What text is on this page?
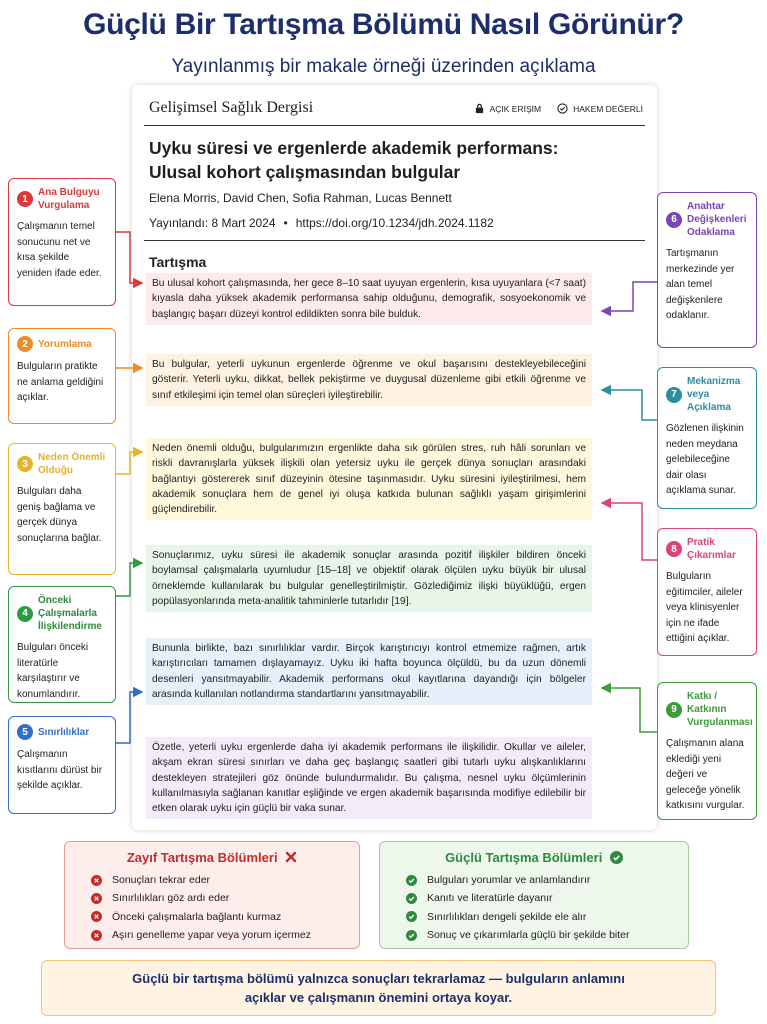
Güçlü Bir Tartışma Bölümü Nasıl Görünür?
Yayınlanmış bir makale örneği üzerinden açıklama
Gelişimsel Sağlık Dergisi	AÇIK ERİŞİM	HAKEM DEĞERLİ
Uyku süresi ve ergenlerde akademik performans: Ulusal kohort çalışmasından bulgular
Elena Morris, David Chen, Sofia Rahman, Lucas Bennett
Yayınlandı: 8 Mart 2024 • https://doi.org/10.1234/jdh.2024.1182
Tartışma
Bu ulusal kohort çalışmasında, her gece 8–10 saat uyuyan ergenlerin, kısa uyuyanlara (<7 saat) kıyasla daha yüksek akademik performansa sahip olduğunu, demografik, sosyoekonomik ve başlangıç başarı düzeyi kontrol edildikten sonra bile bulduk.
Bu bulgular, yeterli uykunun ergenlerde öğrenme ve okul başarısını destekleyebileceğini gösterir. Yeterli uyku, dikkat, bellek pekiştirme ve duygusal düzenleme gibi etkili öğrenme ve sınıf etkileşimi için temel olan süreçleri iyileştirebilir.
Neden önemli olduğu, bulgularımızın ergenlikte daha sık görülen stres, ruh hâli sorunları ve riskli davranışlarla yüksek ilişkili olan yetersiz uyku ile gerçek dünya sonuçları arasındaki bağlantıyı göstererek sınıf düzeyinin ötesine taşınmasıdır. Uyku süresini iyileştirilmesi, hem akademik sonuçlara hem de genel iyi oluşa katkıda bulunan sağlıklı yaşam girişimlerini güçlendirebilir.
Sonuçlarımız, uyku süresi ile akademik sonuçlar arasında pozitif ilişkiler bildiren önceki boylamsal çalışmalarla uyumludur [15–18] ve objektif olarak ölçülen uyku büyük bir ulusal örneklemde kullanılarak bu bulgular genelleştirilmiştir. Gözlediğimiz ilişki büyüklüğü, ergen popülasyonlarında meta-analitik tahminlerle tutarlıdır [19].
Bununla birlikte, bazı sınırlılıklar vardır. Birçok karıştırıcıyı kontrol etmemize rağmen, artık karıştırıcıları tamamen dışlayamayız. Uyku iki hafta boyunca ölçüldü, bu da uzun dönemli desenleri yansıtmayabilir. Akademik performans okul kayıtlarına dayandığı için bölgeler arasında kullanılan notlandırma standartlarını yansıtmayabilir.
Özetle, yeterli uyku ergenlerde daha iyi akademik performans ile ilişkilidir. Okullar ve aileler, akşam ekran süresi sınırları ve daha geç başlangıç saatleri gibi tutarlı uyku alışkanlıklarını destekleyen stratejileri göz önünde bulundurmalıdır. Bu çalışma, nesnel uyku ölçümlerinin kullanılmasıyla sağlanan kanıtlar eşliğinde ve ergen akademik başarısında modifiye edilebilir bir etken olarak uyku için güçlü bir vaka sunar.
1
Ana Bulguyu Vurgulama
Çalışmanın temel sonucunu net ve kısa şekilde yeniden ifade eder.
2	Yorumlama
Bulguların pratikte ne anlama geldiğini açıklar.
3
Neden Önemli Olduğu
Bulguları daha geniş bağlama ve gerçek dünya sonuçlarına bağlar.
4
Önceki Çalışmalarla İlişkilendirme
Bulguları önceki literatürle karşılaştırır ve konumlandırır.
5	Sınırlılıklar
Çalışmanın kısıtlarını dürüst bir şekilde açıklar.
6
Anahtar Değişkenleri Odaklama
Tartışmanın merkezinde yer alan temel değişkenlere odaklanır.
7
Mekanizma veya Açıklama
Gözlenen ilişkinin neden meydana gelebileceğine dair olası açıklama sunar.
8
Pratik Çıkarımlar
Bulguların eğitimciler, aileler veya klinisyenler için ne ifade ettiğini açıklar.
9
Katkı / Katkının Vurgulanması
Çalışmanın alana eklediği yeni değeri ve geleceğe yönelik katkısını vurgular.
Zayıf Tartışma Bölümleri
Sonuçları tekrar eder
Sınırlılıkları göz ardı eder
Önceki çalışmalarla bağlantı kurmaz
Aşırı genelleme yapar veya yorum içermez
Güçlü Tartışma Bölümleri
Bulguları yorumlar ve anlamlandırır
Kanıtı ve literatürle dayanır
Sınırlılıkları dengeli şekilde ele alır
Sonuç ve çıkarımlarla güçlü bir şekilde biter
Güçlü bir tartışma bölümü yalnızca sonuçları tekrarlamaz — bulguların anlamını açıklar ve çalışmanın önemini ortaya koyar.
